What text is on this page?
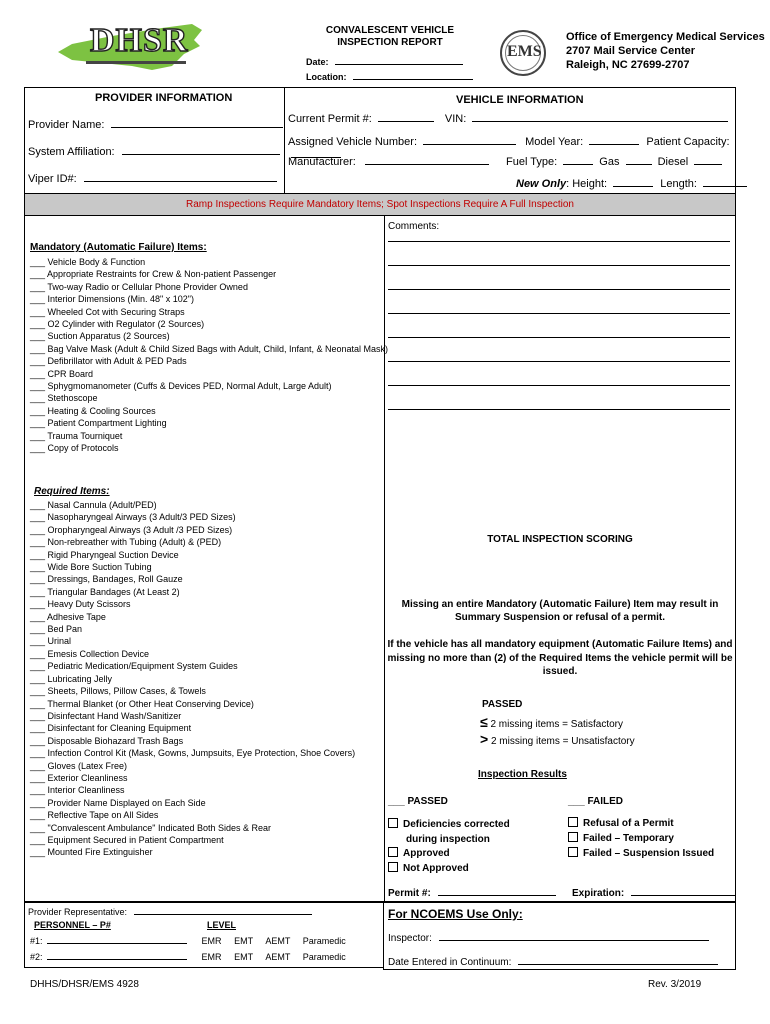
DHSR	CONVALESCENT VEHICLE
INSPECTION REPORT
Date:
Location:
EMS
Office of Emergency Medical Services
2707 Mail Service Center
Raleigh, NC 27699-2707
PROVIDER INFORMATION
Provider Name:
System Affiliation:
Viper ID#:
VEHICLE INFORMATION
Current Permit #:	VIN:
Assigned Vehicle Number:	Model Year:	Patient Capacity:
Manufacturer:	Fuel Type:	Gas	Diesel
New Only: Height:	Length:
Ramp Inspections Require Mandatory Items; Spot Inspections Require A Full Inspection
Mandatory (Automatic Failure) Items:
___ Vehicle Body & Function
___ Appropriate Restraints for Crew & Non-patient Passenger
___ Two-way Radio or Cellular Phone Provider Owned
___ Interior Dimensions (Min. 48" x 102")
___ Wheeled Cot with Securing Straps
___ O2 Cylinder with Regulator (2 Sources)
___ Suction Apparatus (2 Sources)
___ Bag Valve Mask (Adult & Child Sized Bags with Adult, Child, Infant, & Neonatal Mask)
___ Defibrillator with Adult & PED Pads
___ CPR Board
___ Sphygmomanometer (Cuffs & Devices PED, Normal Adult, Large Adult)
___ Stethoscope
___ Heating & Cooling Sources
___ Patient Compartment Lighting
___ Trauma Tourniquet
___ Copy of Protocols
Required Items:
___ Nasal Cannula (Adult/PED)
___ Nasopharyngeal Airways (3 Adult/3 PED Sizes)
___ Oropharyngeal Airways (3 Adult /3 PED Sizes)
___ Non-rebreather with Tubing (Adult) & (PED)
___ Rigid Pharyngeal Suction Device
___ Wide Bore Suction Tubing
___ Dressings, Bandages, Roll Gauze
___ Triangular Bandages (At Least 2)
___ Heavy Duty Scissors
___ Adhesive Tape
___ Bed Pan
___ Urinal
___ Emesis Collection Device
___ Pediatric Medication/Equipment System Guides
___ Lubricating Jelly
___ Sheets, Pillows, Pillow Cases, & Towels
___ Thermal Blanket (or Other Heat Conserving Device)
___ Disinfectant Hand Wash/Sanitizer
___ Disinfectant for Cleaning Equipment
___ Disposable Biohazard Trash Bags
___ Infection Control Kit (Mask, Gowns, Jumpsuits, Eye Protection, Shoe Covers)
___ Gloves (Latex Free)
___ Exterior Cleanliness
___ Interior Cleanliness
___ Provider Name Displayed on Each Side
___ Reflective Tape on All Sides
___ "Convalescent Ambulance" Indicated Both Sides & Rear
___ Equipment Secured in Patient Compartment
___ Mounted Fire Extinguisher
Comments:
TOTAL INSPECTION SCORING
Missing an entire Mandatory (Automatic Failure) Item may result in
Summary Suspension or refusal of a permit.
If the vehicle has all mandatory equipment (Automatic Failure Items) and
missing no more than (2) of the Required Items the vehicle permit will be
issued.
PASSED
≤ 2 missing items = Satisfactory
> 2 missing items = Unsatisfactory
Inspection Results
___ PASSED	___ FAILED
Deficiencies corrected
during inspection
Approved
Not Approved
Refusal of a Permit
Failed – Temporary
Failed – Suspension Issued
Permit #:	Expiration:
Provider Representative:
PERSONNEL – P#	LEVEL
#1:	EMR EMT AEMT Paramedic
#2:	EMR EMT AEMT Paramedic
For NCOEMS Use Only:
Inspector:
Date Entered in Continuum:
DHHS/DHSR/EMS 4928	Rev. 3/2019
